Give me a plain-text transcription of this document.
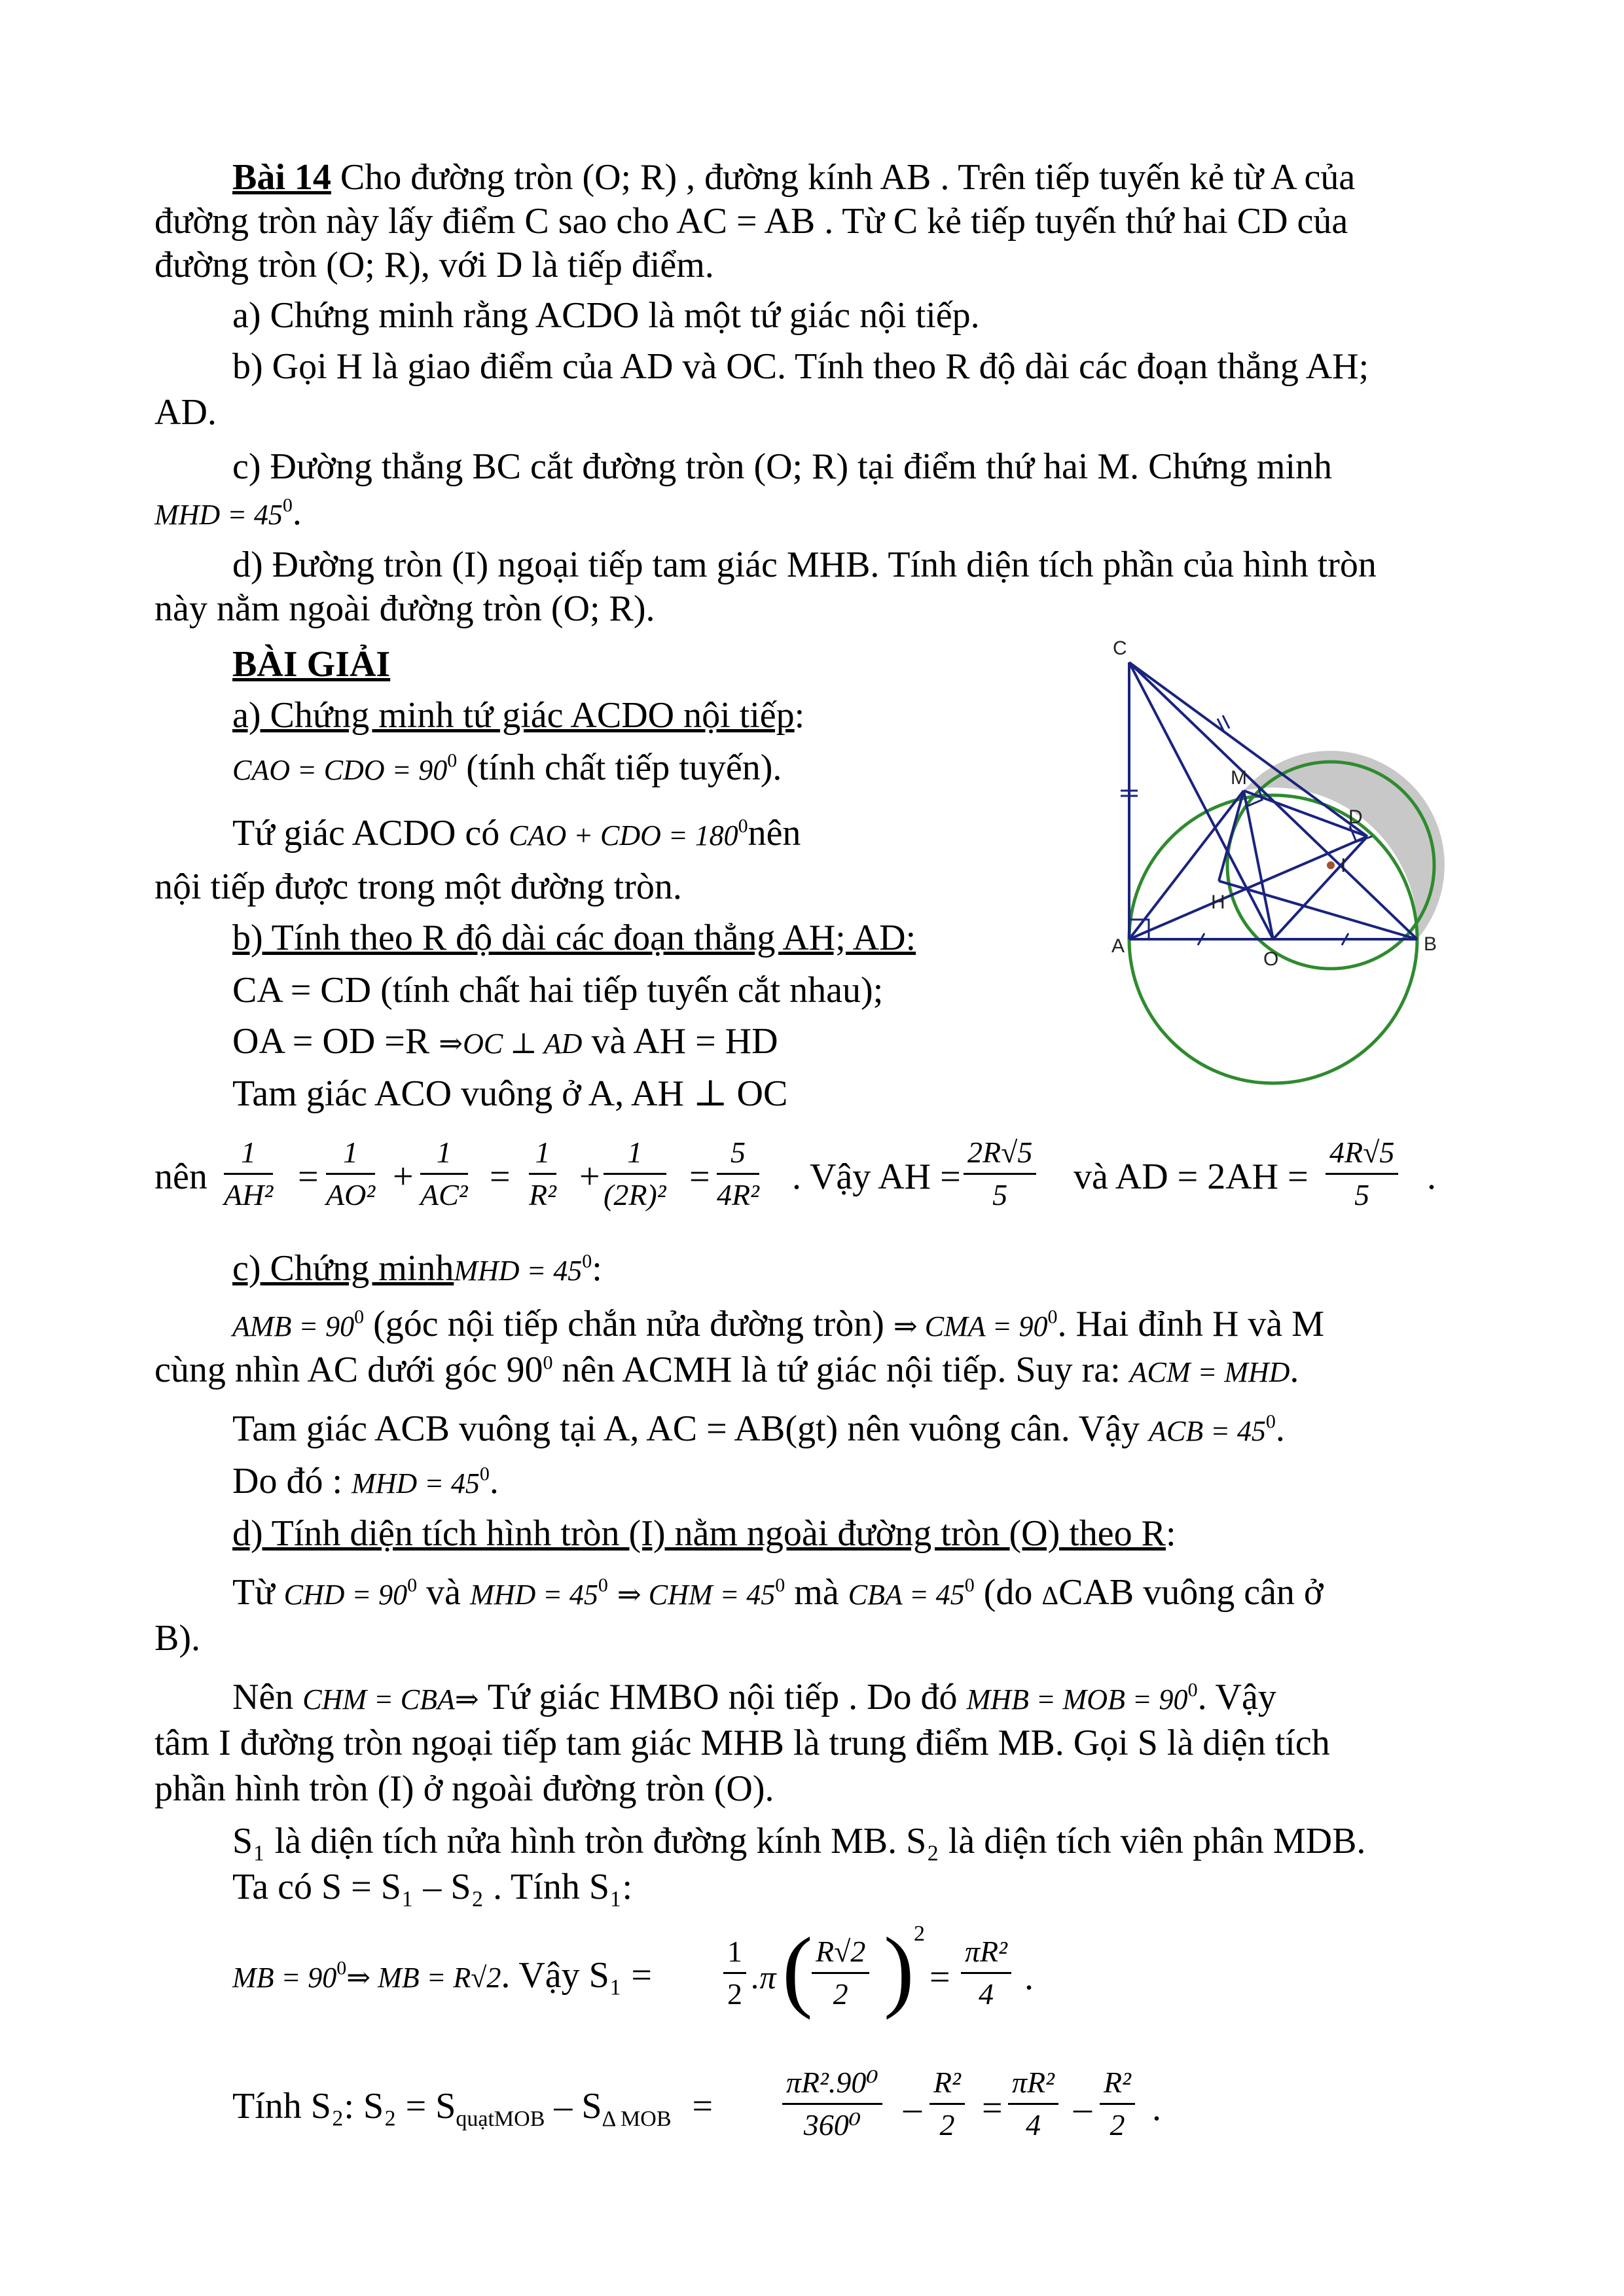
Bài 14 Cho đường tròn (O; R) , đường kính AB . Trên tiếp tuyến kẻ từ A của
đường tròn này lấy điểm C sao cho AC = AB . Từ C kẻ tiếp tuyến thứ hai CD của
đường tròn (O; R), với D là tiếp điểm.
a) Chứng minh rằng ACDO là một tứ giác nội tiếp.
b) Gọi H là giao điểm của AD và OC. Tính theo R độ dài các đoạn thẳng AH;
AD.
c) Đường thẳng BC cắt đường tròn (O; R) tại điểm thứ hai M. Chứng minh
MHD = $45^0$.
d) Đường tròn (I) ngoại tiếp tam giác MHB. Tính diện tích phần của hình tròn
này nằm ngoài đường tròn (O; R).
BÀI GIẢI
a) Chứng minh tứ giác ACDO nội tiếp:
CAO = CDO = $90^0$ (tính chất tiếp tuyến).
Tứ giác ACDO có CAO + CDO = $180^0nên$
nội tiếp được trong một đường tròn.
b) Tính theo R độ dài các đoạn thẳng AH; AD:
CA = CD (tính chất hai tiếp tuyến cắt nhau);
OA = OD =R ⇒OC ⊥ AD và AH = HD
Tam giác ACO vuông ở A, AH ⊥ OC
nên $\frac{1}{\text{AH²}} = \frac{1}{\text{AO²}} + \frac{1}{\text{AC²}} = \frac{1}{\text{R²}} + \frac{1}{\text{(2R)²}} = \frac{5}{\text{4R²}}$ . Vậy AH = $\frac{2R√5}{5}$ và AD = $2AH = \frac{4R√5}{5}$ .
c) Chứng minhMHD = $45^0$:
AMB = $90^0$ (góc nội tiếp chắn nửa đường tròn) ⇒ CMA = $90^0$. Hai đỉnh H và M
cùng nhìn AC dưới góc $90^0$ nên ACMH là tứ giác nội tiếp. Suy ra: ACM = MHD.
Tam giác ACB vuông tại A, AC = AB(gt) nên vuông cân. Vậy ACB = $45^0$.
Do đó : MHD = $45^0$.
d) Tính diện tích hình tròn (I) nằm ngoài đường tròn (O) theo R:
Từ CHD = $90^0$ và MHD = $45^0$ ⇒ CHM = $45^0$ mà CBA = $45^0$ (do ΔCAB vuông cân ở
B).
Nên CHM = CBA⇒ Tứ giác HMBO nội tiếp . Do đó MHB = MOB = $90^0$. Vậy
tâm I đường tròn ngoại tiếp tam giác MHB là trung điểm MB. Gọi S là diện tích
phần hình tròn (I) ở ngoài đường tròn (O).
S₁ là diện tích nửa hình tròn đường kính MB. S₂ là diện tích viên phân MDB.
Ta có S = S₁ – S₂ . Tính S₁:
MB = $90^0\Rightarrow$ MB = R√2. Vậy $S_1 = \frac{1}{2} .\pi$ (
$\frac{R√2}{2}$ ) 2
= $\frac{\text{πR²}}{4}$ .
Tính S₂: $S_2 = S_{quạtMOB} - S_{\Delta MOB} = \frac{\text{πR².90⁰}}{\text{360⁰}} - \frac{\text{R²}}{2} = \frac{\text{πR²}}{4} - \frac{\text{R²}}{2}$ .
C
M
D
I
H
A
O
B
